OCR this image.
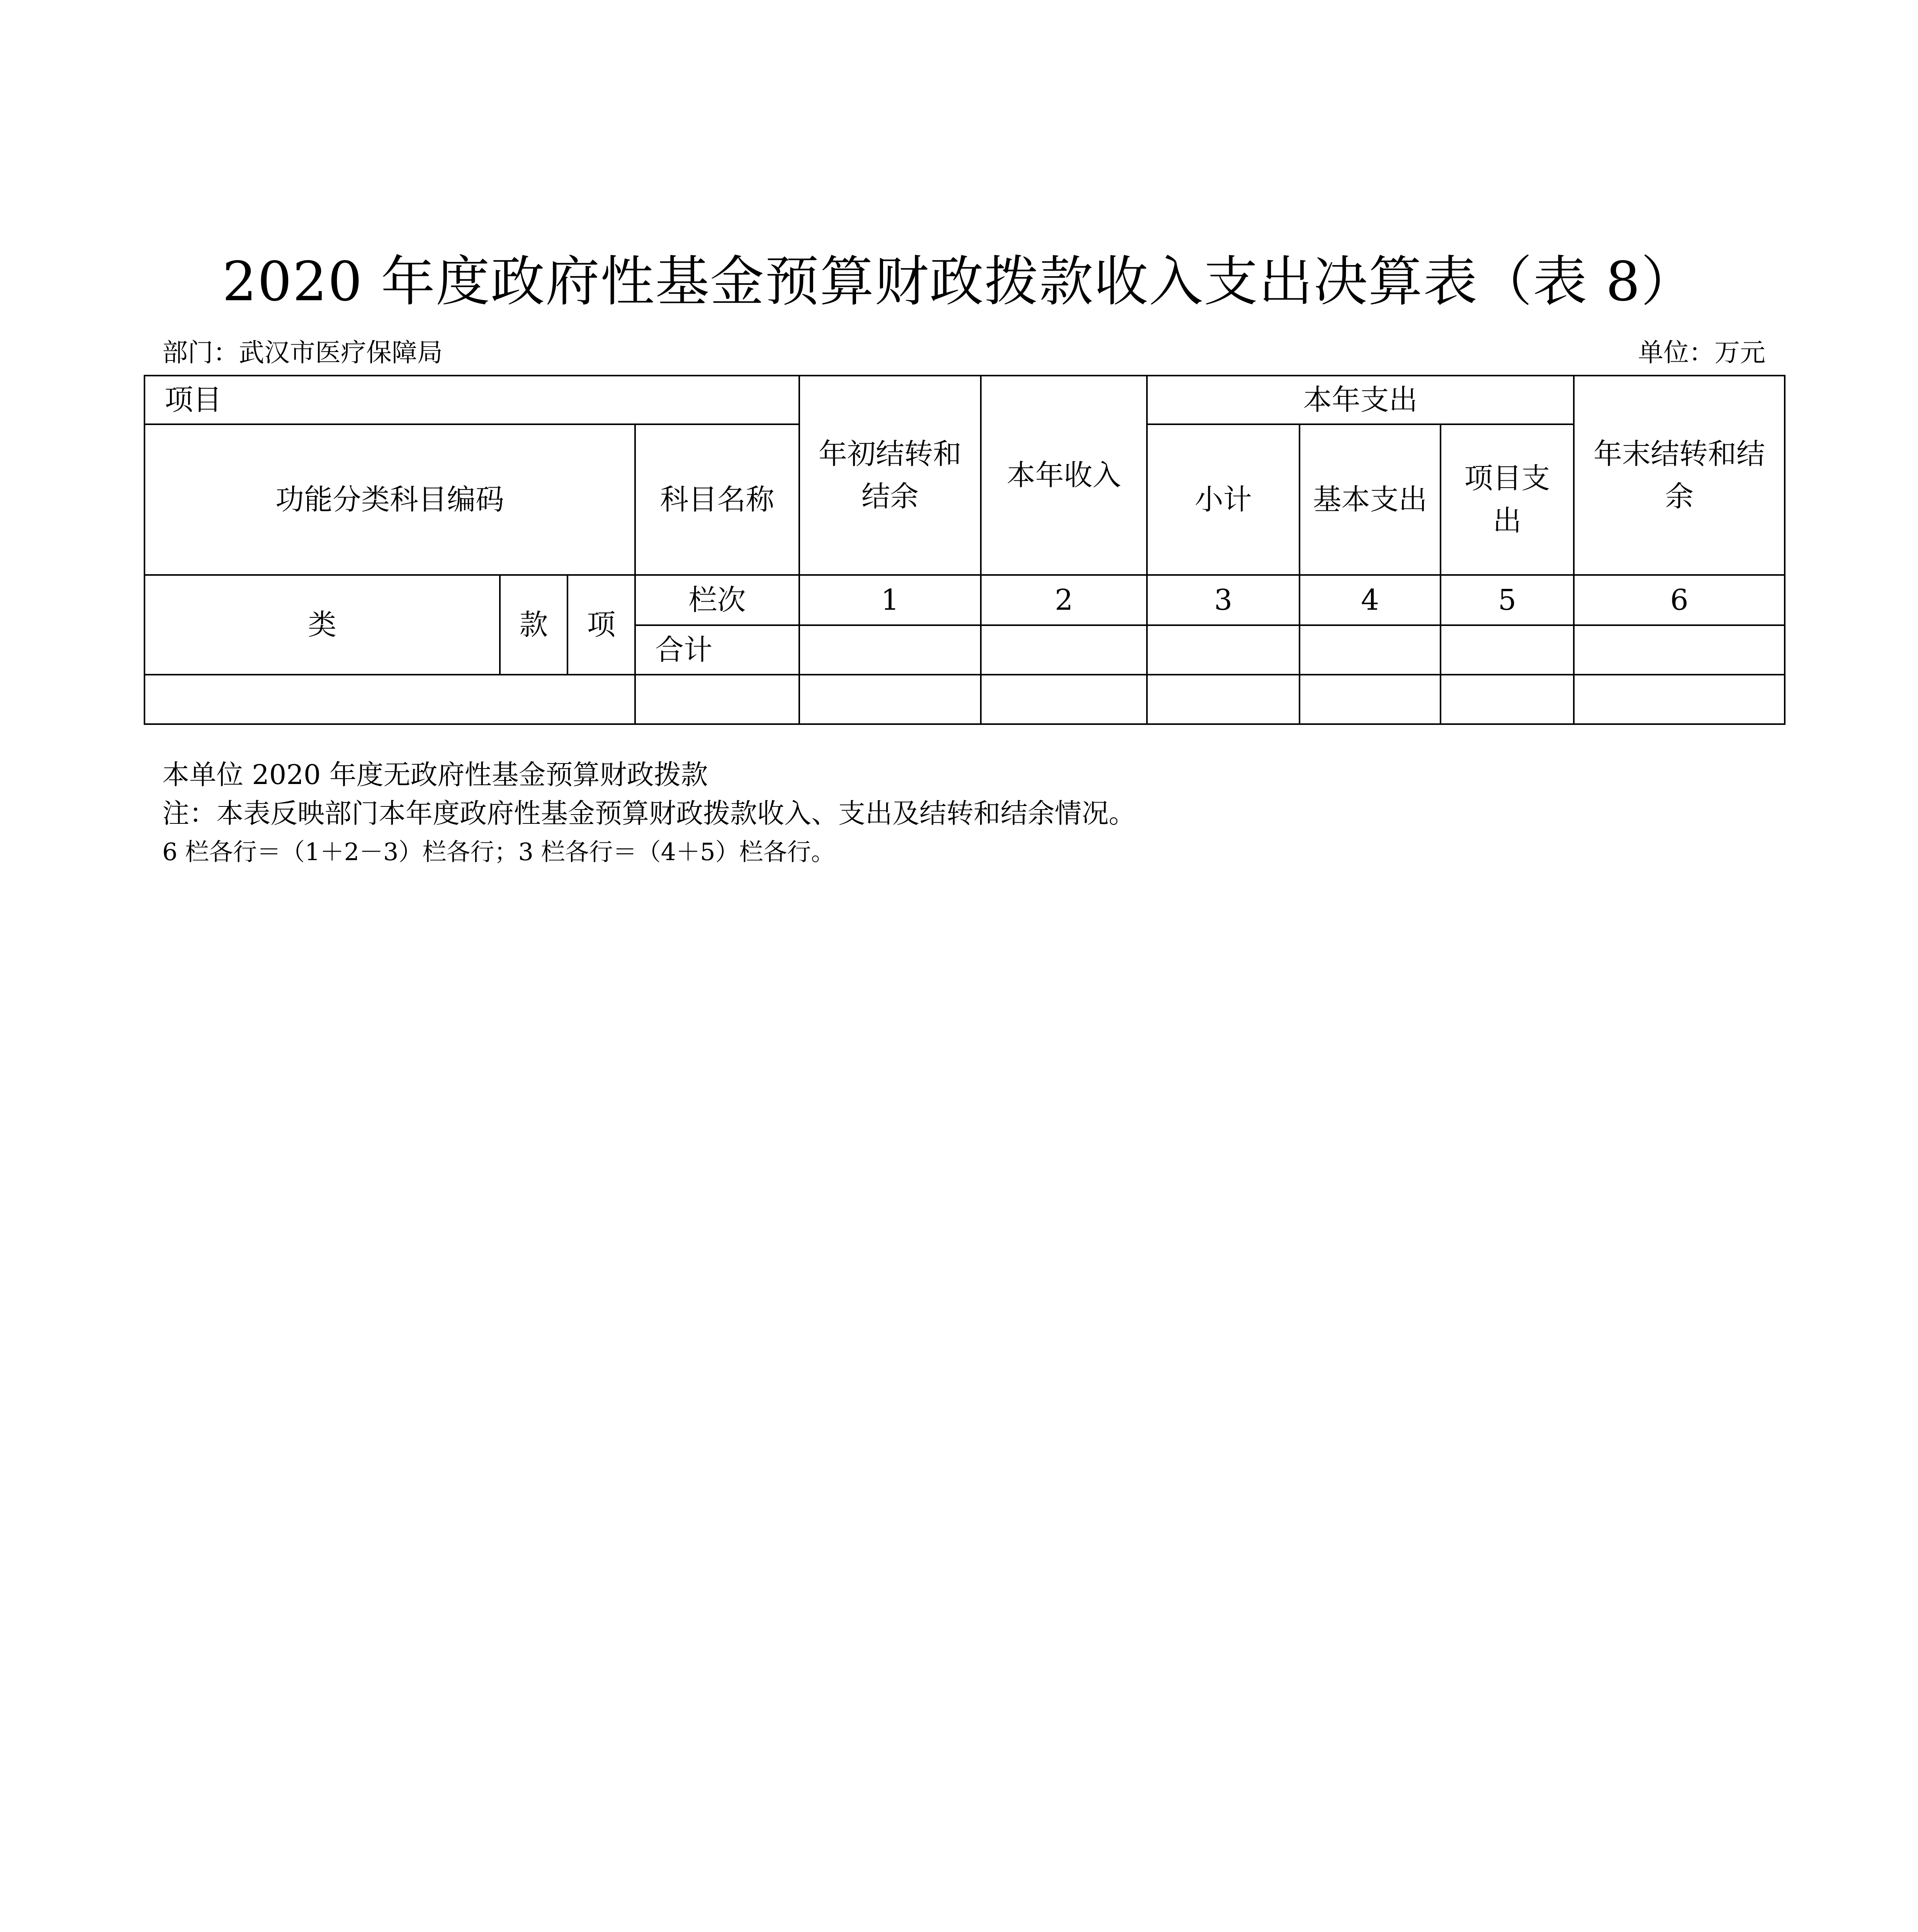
2020 年度政府性基金预算财政拨款收入支出决算表（表 8）
部门：武汉市医疗保障局	单位：万元
项目				年初结转和结余	本年收入	本年支出			年末结转和结余
功能分类科目编码			科目名称			小计	基本支出	项目支出	
类	款	项	栏次	1	2	3	4	5	6
			合计						

本单位 2020 年度无政府性基金预算财政拨款
注：本表反映部门本年度政府性基金预算财政拨款收入、支出及结转和结余情况。
6 栏各行＝（1＋2－3）栏各行；3 栏各行＝（4＋5）栏各行。
